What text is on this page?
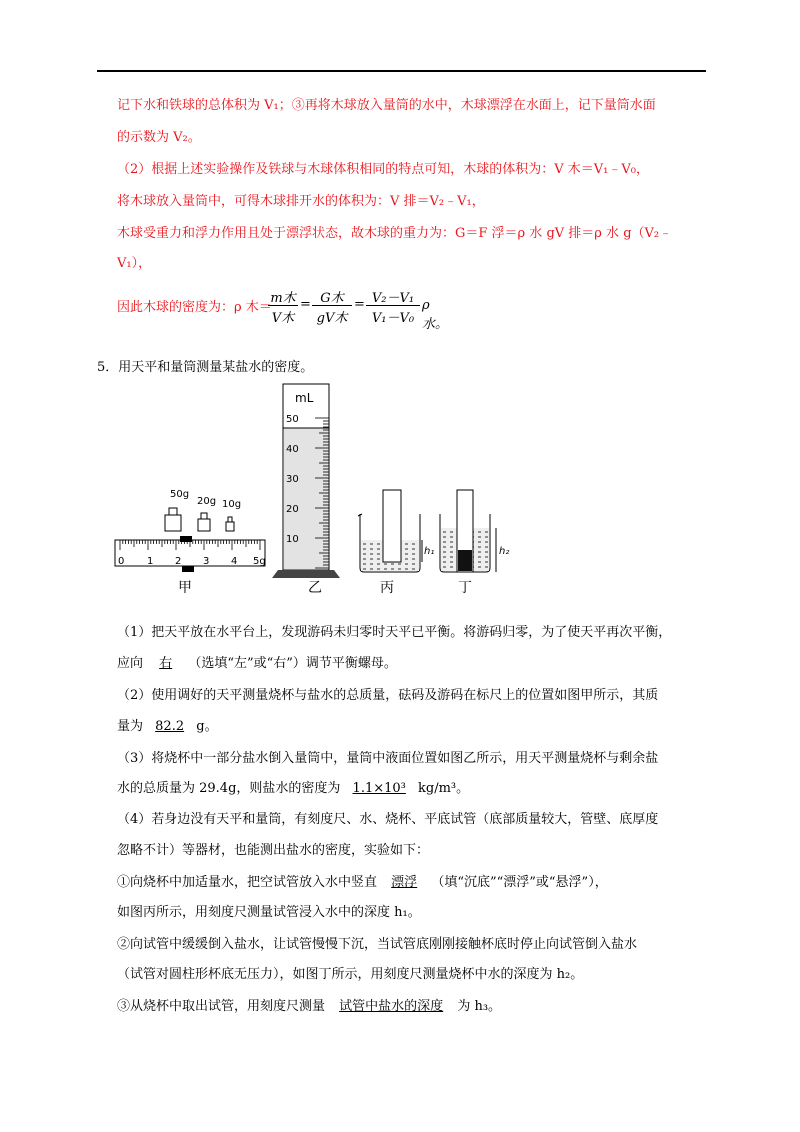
记下水和铁球的总体积为 V₁；③再将木球放入量筒的水中，木球漂浮在水面上，记下量筒水面
的示数为 V₂。
（2）根据上述实验操作及铁球与木球体积相同的特点可知，木球的体积为：V 木＝V₁﹣V₀，
将木球放入量筒中，可得木球排开水的体积为：V 排＝V₂﹣V₁，
木球受重力和浮力作用且处于漂浮状态，故木球的重力为：G＝F 浮＝ρ 水 gV 排＝ρ 水 g（V₂﹣
V₁），
因此木球的密度为：ρ 木＝
m木
V木
= G木
gV木
= V₂－V₁
V₁－V₀
ρ水。
5．用天平和量筒测量某盐水的密度。
50g
20g 10g
0 1 2 3 4 5g
甲
mL
50
40
30
20
10
乙
h₁
丙
h₂
丁
（1）把天平放在水平台上，发现游码未归零时天平已平衡。将游码归零，为了使天平再次平衡，
应向 右 （选填“左”或“右”）调节平衡螺母。
（2）使用调好的天平测量烧杯与盐水的总质量，砝码及游码在标尺上的位置如图甲所示，其质
量为 82.2 g。
（3）将烧杯中一部分盐水倒入量筒中，量筒中液面位置如图乙所示，用天平测量烧杯与剩余盐
水的总质量为 29.4g，则盐水的密度为 1.1×10³ kg/m³。
（4）若身边没有天平和量筒，有刻度尺、水、烧杯、平底试管（底部质量较大，管壁、底厚度
忽略不计）等器材，也能测出盐水的密度，实验如下：
①向烧杯中加适量水，把空试管放入水中竖直 漂浮 （填“沉底”“漂浮”或“悬浮”），
如图丙所示，用刻度尺测量试管浸入水中的深度 h₁。
②向试管中缓缓倒入盐水，让试管慢慢下沉，当试管底刚刚接触杯底时停止向试管倒入盐水
（试管对圆柱形杯底无压力），如图丁所示，用刻度尺测量烧杯中水的深度为 h₂。
③从烧杯中取出试管，用刻度尺测量 试管中盐水的深度 为 h₃。
